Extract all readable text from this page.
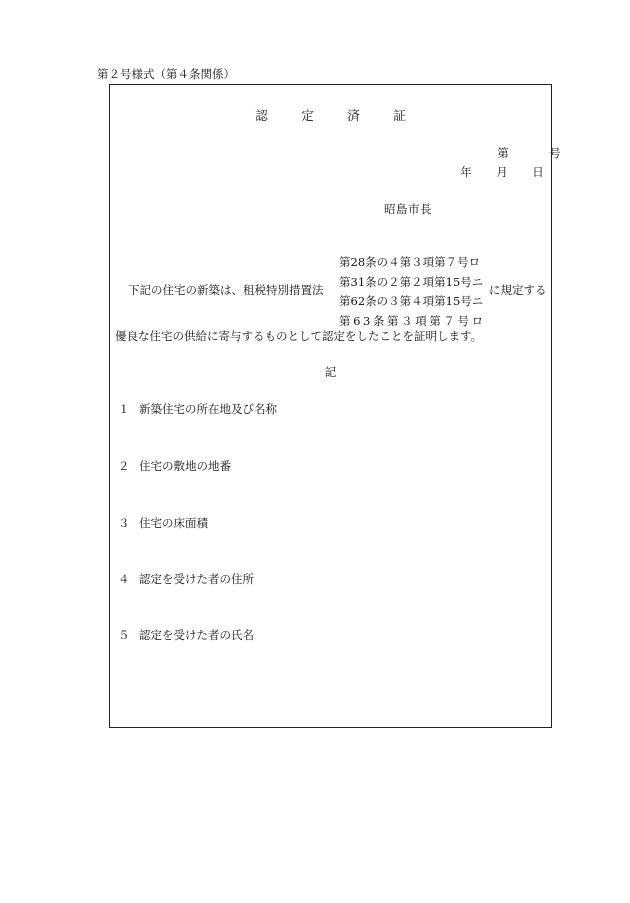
第２号様式（第４条関係）
認	定	済	証
第	号
年 月 日
昭島市長
下記の住宅の新築は、租税特別措置法
第28条の４第３項第７号ロ
第31条の２第２項第15号ニ
第62条の３第４項第15号ニ
第63条第３項第７号ロ
に規定する
優良な住宅の供給に寄与するものとして認定をしたことを証明します。
記
１ 新築住宅の所在地及び名称
２ 住宅の敷地の地番
３ 住宅の床面積
４ 認定を受けた者の住所
５ 認定を受けた者の氏名
